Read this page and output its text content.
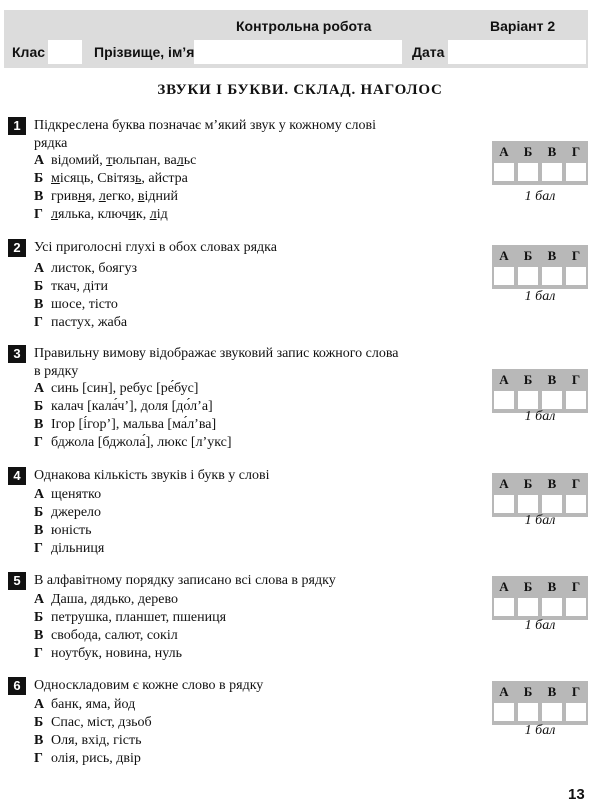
Контрольна робота	Варіант 2
Клас	Прізвище, ім’я	Дата
ЗВУКИ І БУКВИ. СКЛАД. НАГОЛОС
1 Підкреслена буква позначає м’який звук у кожному слові рядка
А відомий, тюльпан, вальс
Б місяць, Світязь, айстра
В гривня, легко, відний
Г лялька, ключик, лід
А	Б	В	Г
1 бал
2 Усі приголосні глухі в обох словах рядка
А листок, боягуз
Б ткач, діти
В шосе, тісто
Г пастух, жаба
А	Б	В	Г
1 бал
3 Правильну вимову відображає звуковий запис кожного слова в рядку
А синь [син], ребус [ре́бус]
Б калач [кала́ч’], доля [до́л’а]
В Ігор [і́гор’], мальва [ма́л’ва]
Г бджола [бджола́], люкс [л’укс]
А	Б	В	Г
1 бал
4 Однакова кількість звуків і букв у слові
А щенятко
Б джерело
В юність
Г дільниця
А	Б	В	Г
1 бал
5 В алфавітному порядку записано всі слова в рядку
А Даша, дядько, дерево
Б петрушка, планшет, пшениця
В свобода, салют, сокіл
Г ноутбук, новина, нуль
А	Б	В	Г
1 бал
6 Односкладовим є кожне слово в рядку
А банк, яма, йод
Б Спас, міст, дзьоб
В Оля, вхід, гість
Г олія, рись, двір
А	Б	В	Г
1 бал
13
